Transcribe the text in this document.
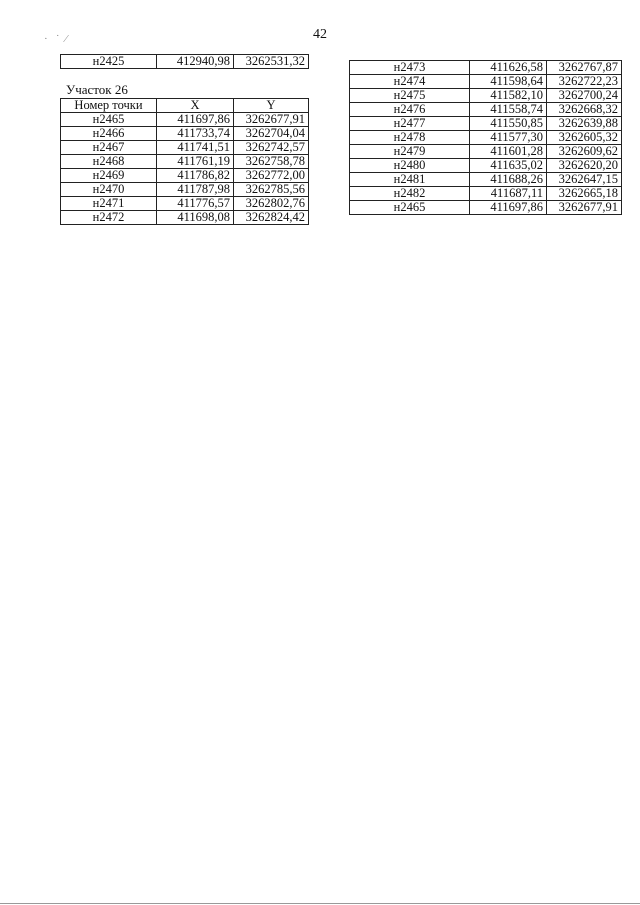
·   ˙  ⁄	42
н2425	412940,98	3262531,32
Участок 26
Номер точки	X	Y
н2465	411697,86	3262677,91
н2466	411733,74	3262704,04
н2467	411741,51	3262742,57
н2468	411761,19	3262758,78
н2469	411786,82	3262772,00
н2470	411787,98	3262785,56
н2471	411776,57	3262802,76
н2472	411698,08	3262824,42
н2473	411626,58	3262767,87
н2474	411598,64	3262722,23
н2475	411582,10	3262700,24
н2476	411558,74	3262668,32
н2477	411550,85	3262639,88
н2478	411577,30	3262605,32
н2479	411601,28	3262609,62
н2480	411635,02	3262620,20
н2481	411688,26	3262647,15
н2482	411687,11	3262665,18
н2465	411697,86	3262677,91
